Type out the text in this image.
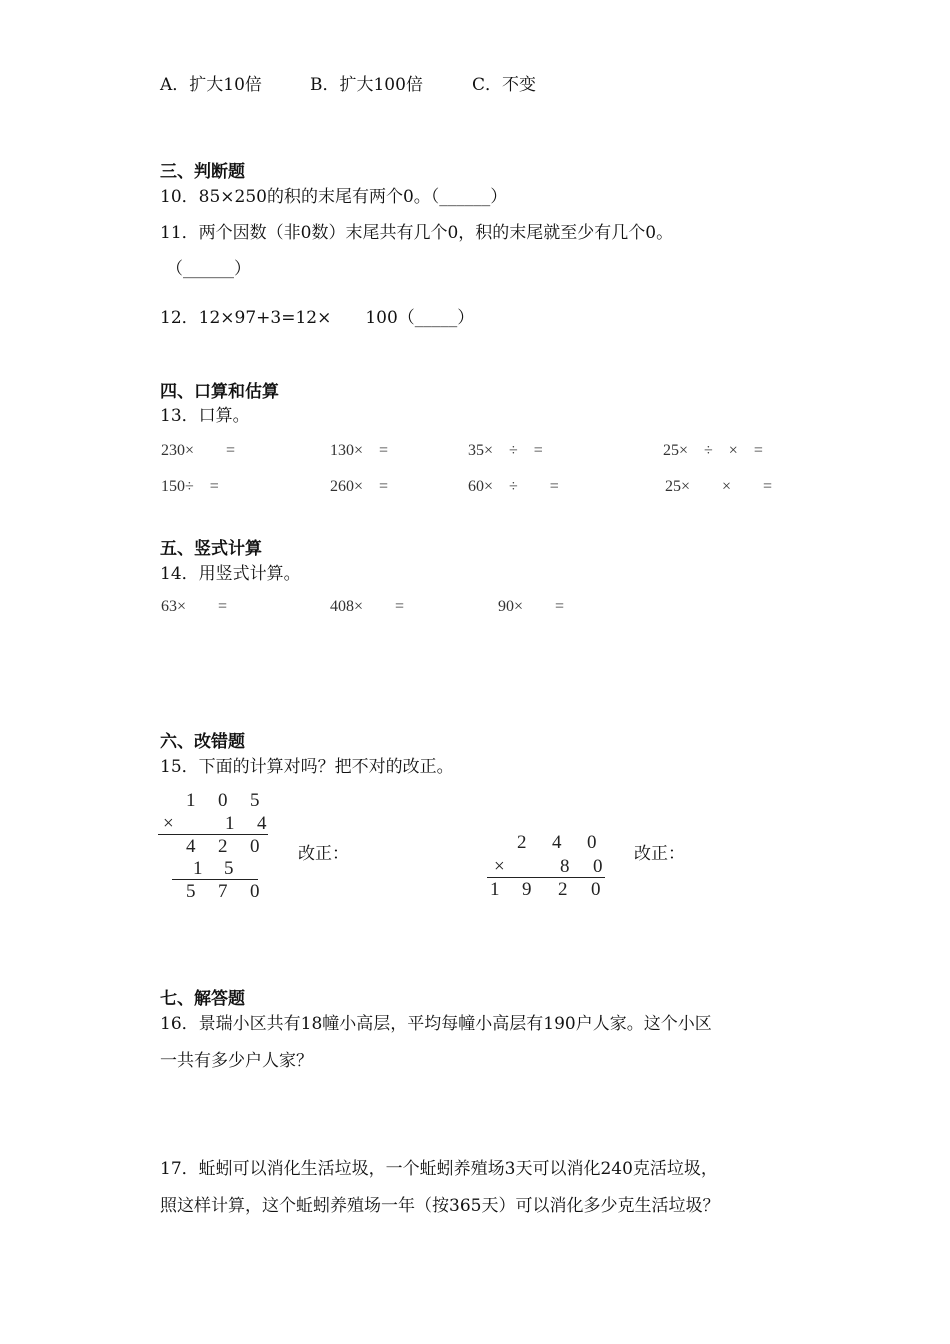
A．扩大10倍	B．扩大100倍	C．不变
三、判断题
10．85×250的积的末尾有两个0。（______）
11．两个因数（非0数）末尾共有几个0，积的末尾就至少有几个0。
（______）
12．12×97+3=12×　　100（_____）
四、口算和估算
13．口算。
230×　　=	130×　=	35×　÷　=	25×　÷　×　=
150÷　=	260×　=	60×　÷　　=	25×　　×　　=
五、竖式计算
14．用竖式计算。
63×　　=	408×　　=	90×　　=
六、改错题
15．下面的计算对吗？把不对的改正。
1 0 5
×	1 4
4 2 0
1 5
5 7 0
改正：
2 4 0
×	8 0
1 9 2 0
改正：
七、解答题
16．景瑞小区共有18幢小高层，平均每幢小高层有190户人家。这个小区
一共有多少户人家？
17．蚯蚓可以消化生活垃圾，一个蚯蚓养殖场3天可以消化240克活垃圾，
照这样计算，这个蚯蚓养殖场一年（按365天）可以消化多少克生活垃圾？
